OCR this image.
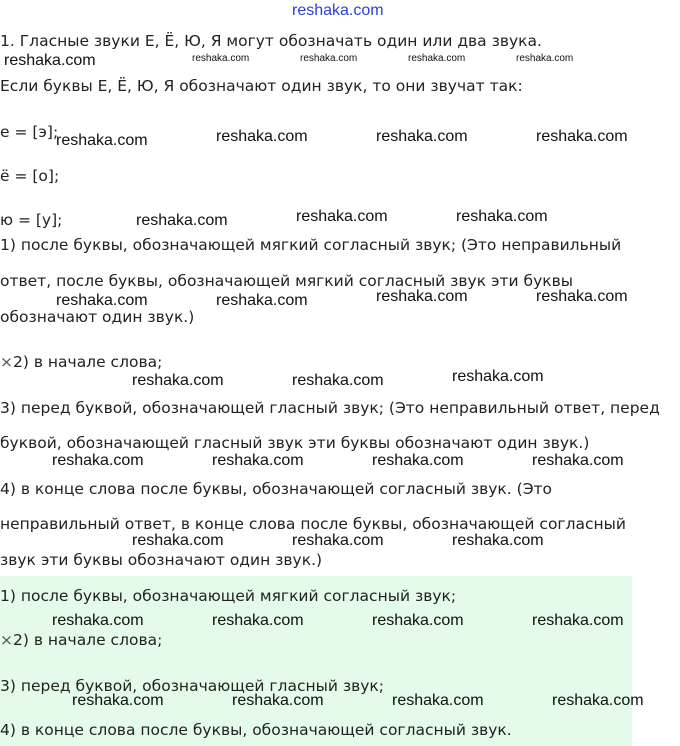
reshaka.com
1. Гласные звуки Е, Ё, Ю, Я могут обозначать один или два звука.
Если буквы Е, Ё, Ю, Я обозначают один звук, то они звучат так:
е = [э];
ё = [о];
ю = [у];
1) после буквы, обозначающей мягкий согласный звук; (Это неправильный
ответ, после буквы, обозначающей мягкий согласный звук эти буквы
обозначают один звук.)
×2) в начале слова;
3) перед буквой, обозначающей гласный звук; (Это неправильный ответ, перед
буквой, обозначающей гласный звук эти буквы обозначают один звук.)
4) в конце слова после буквы, обозначающей согласный звук. (Это
неправильный ответ, в конце слова после буквы, обозначающей согласный
звук эти буквы обозначают один звук.)
1) после буквы, обозначающей мягкий согласный звук;
×2) в начале слова;
3) перед буквой, обозначающей гласный звук;
4) в конце слова после буквы, обозначающей согласный звук.
reshaka.com	reshaka.com	reshaka.com	reshaka.com	reshaka.com
reshaka.com	reshaka.com	reshaka.com	reshaka.com
reshaka.com	reshaka.com	reshaka.com
reshaka.com	reshaka.com	reshaka.com	reshaka.com
reshaka.com	reshaka.com	reshaka.com
reshaka.com	reshaka.com	reshaka.com	reshaka.com
reshaka.com	reshaka.com	reshaka.com
reshaka.com	reshaka.com	reshaka.com	reshaka.com
reshaka.com	reshaka.com	reshaka.com	reshaka.com
